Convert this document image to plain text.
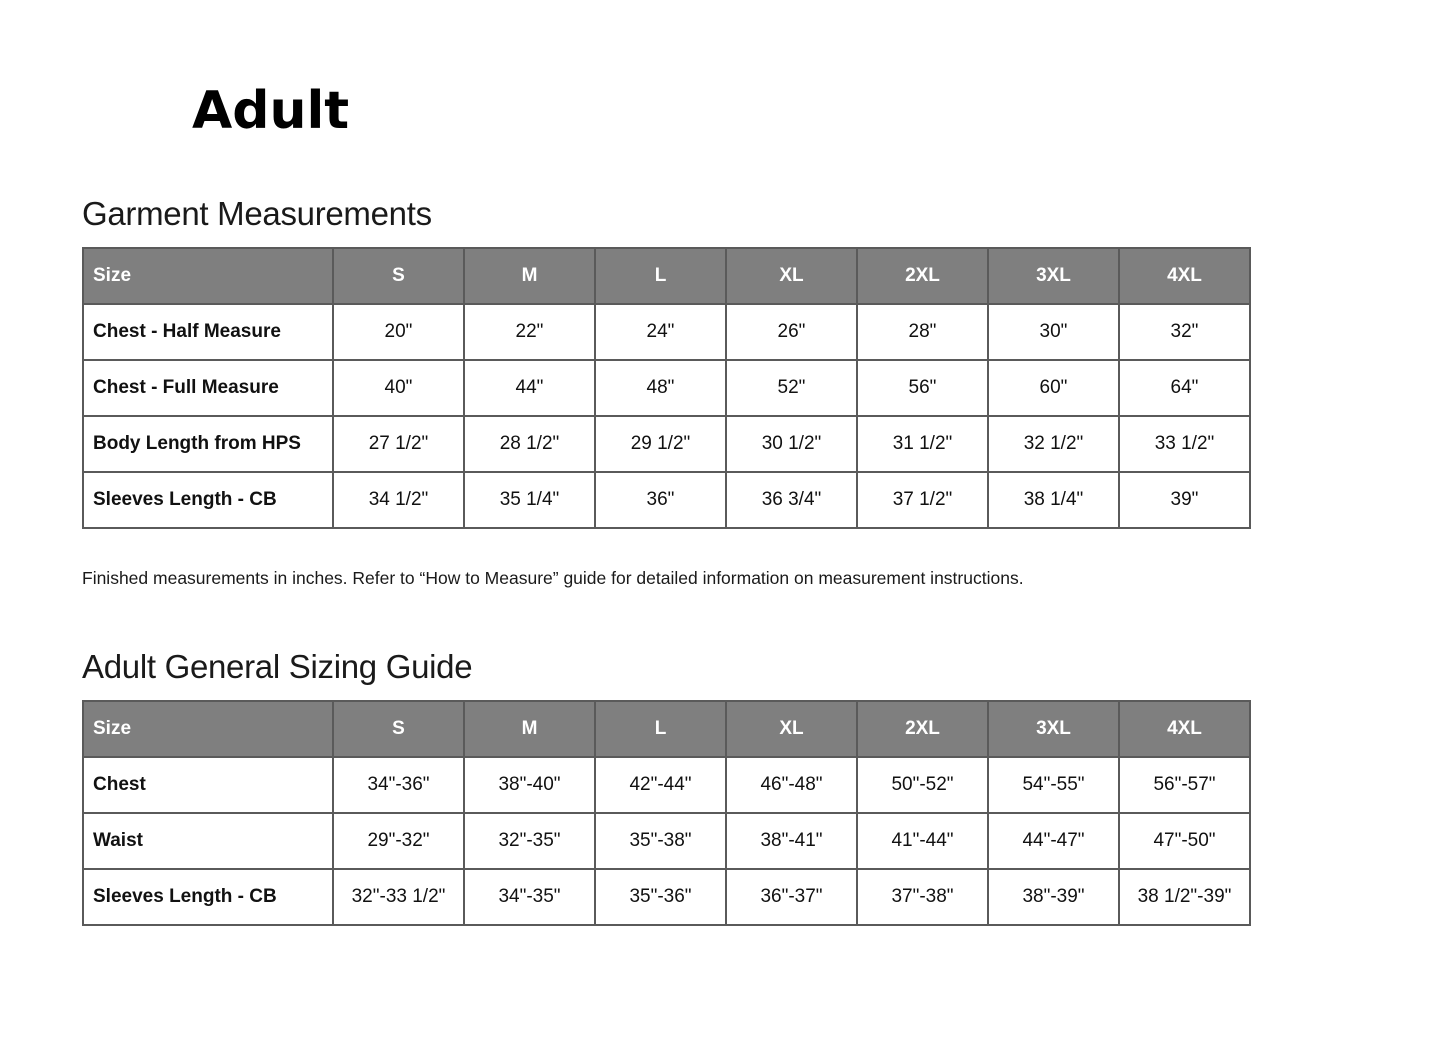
Adult
Garment Measurements
Size	S	M	L	XL	2XL	3XL	4XL
Chest - Half Measure	20"	22"	24"	26"	28"	30"	32"
Chest - Full Measure	40"	44"	48"	52"	56"	60"	64"
Body Length from HPS	27 1/2"	28 1/2"	29 1/2"	30 1/2"	31 1/2"	32 1/2"	33 1/2"
Sleeves Length - CB	34 1/2"	35 1/4"	36"	36 3/4"	37 1/2"	38 1/4"	39"

Finished measurements in inches. Refer to “How to Measure” guide for detailed information on measurement instructions.

Adult General Sizing Guide
Size	S	M	L	XL	2XL	3XL	4XL
Chest	34"-36"	38"-40"	42"-44"	46"-48"	50"-52"	54"-55"	56"-57"
Waist	29"-32"	32"-35"	35"-38"	38"-41"	41"-44"	44"-47"	47"-50"
Sleeves Length - CB	32"-33 1/2"	34"-35"	35"-36"	36"-37"	37"-38"	38"-39"	38 1/2"-39"
